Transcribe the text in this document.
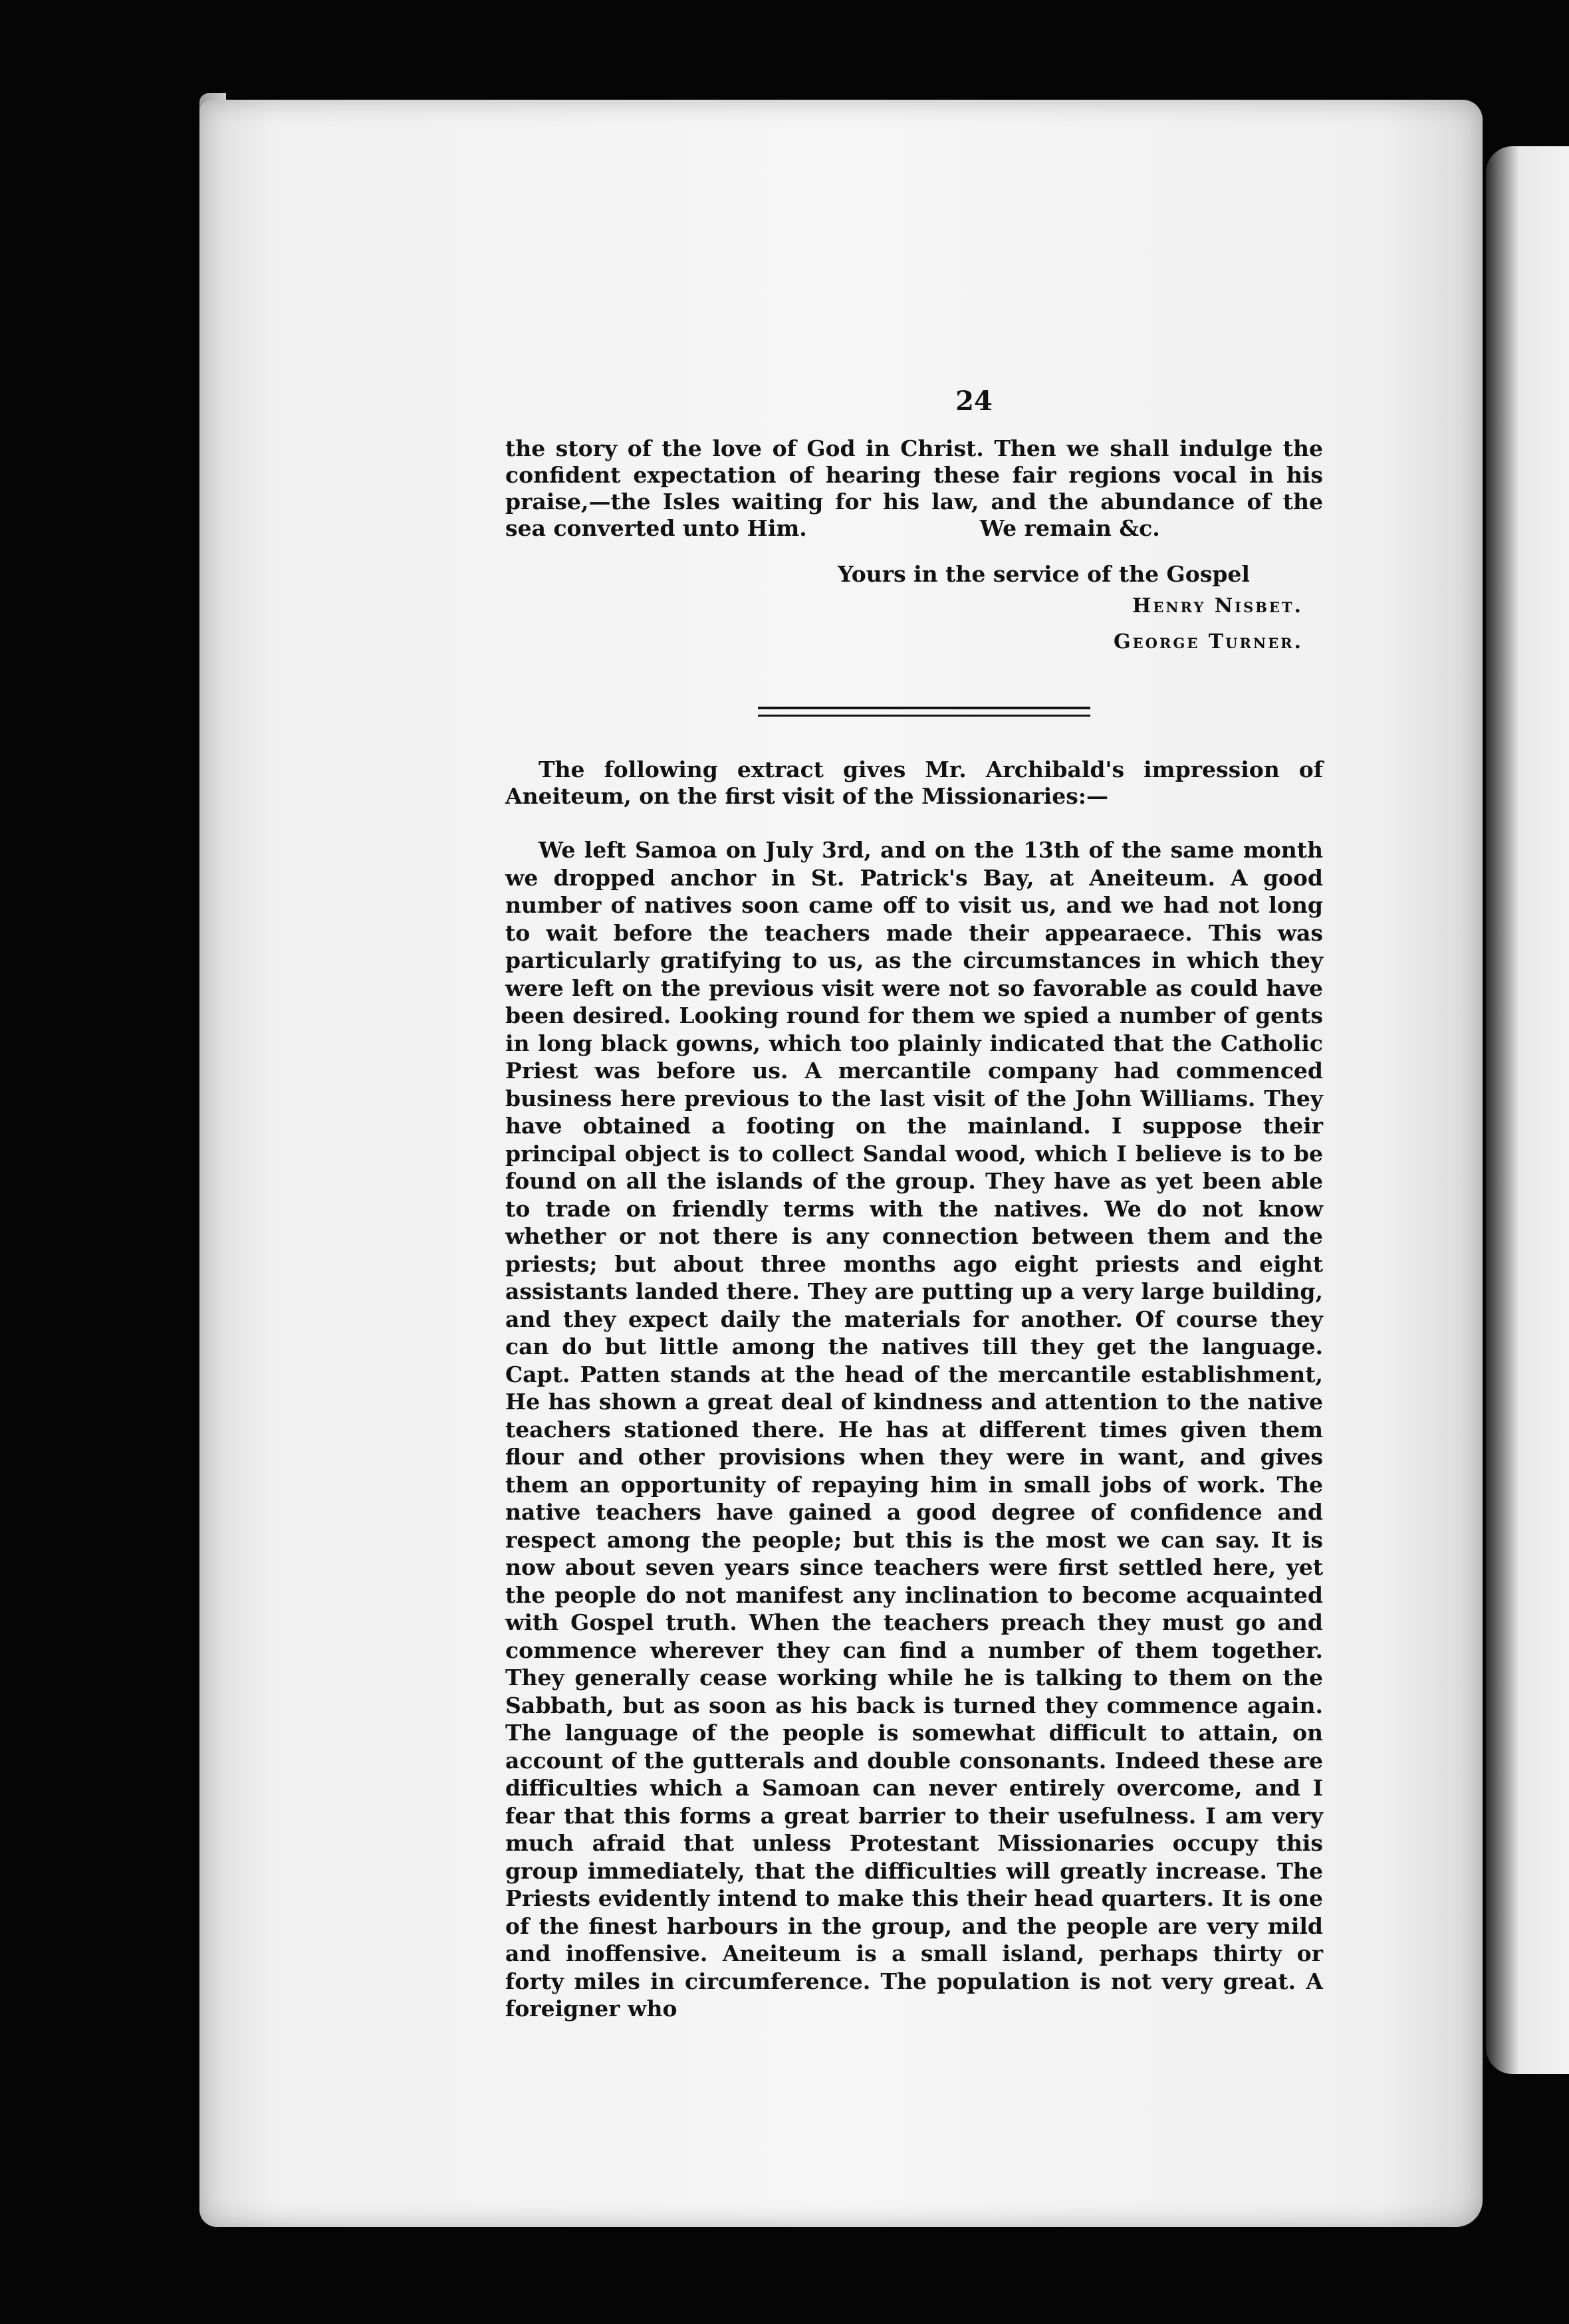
24

the story of the love of God in Christ. Then we shall indulge the confident expectation of hearing these fair regions vocal in his praise,—the Isles waiting for his law, and the abundance of the sea converted unto Him.	We remain &c.

Yours in the service of the Gospel
Henry Nisbet.
George Turner.

The following extract gives Mr. Archibald's impression of Aneiteum, on the first visit of the Missionaries:—

We left Samoa on July 3rd, and on the 13th of the same month we dropped anchor in St. Patrick's Bay, at Aneiteum. A good number of natives soon came off to visit us, and we had not long to wait before the teachers made their appearaece. This was particularly gratifying to us, as the circumstances in which they were left on the previous visit were not so favorable as could have been desired. Looking round for them we spied a number of gents in long black gowns, which too plainly indicated that the Catholic Priest was before us. A mercantile company had commenced business here previous to the last visit of the John Williams. They have obtained a footing on the mainland. I suppose their principal object is to collect Sandal wood, which I believe is to be found on all the islands of the group. They have as yet been able to trade on friendly terms with the natives. We do not know whether or not there is any connection between them and the priests; but about three months ago eight priests and eight assistants landed there. They are putting up a very large building, and they expect daily the materials for another. Of course they can do but little among the natives till they get the language. Capt. Patten stands at the head of the mercantile establishment, He has shown a great deal of kindness and attention to the native teachers stationed there. He has at different times given them flour and other provisions when they were in want, and gives them an opportunity of repaying him in small jobs of work. The native teachers have gained a good degree of confidence and respect among the people; but this is the most we can say. It is now about seven years since teachers were first settled here, yet the people do not manifest any inclination to become acquainted with Gospel truth. When the teachers preach they must go and commence wherever they can find a number of them together. They generally cease working while he is talking to them on the Sabbath, but as soon as his back is turned they commence again. The language of the people is somewhat difficult to attain, on account of the gutterals and double consonants. Indeed these are difficulties which a Samoan can never entirely overcome, and I fear that this forms a great barrier to their usefulness. I am very much afraid that unless Protestant Missionaries occupy this group immediately, that the difficulties will greatly increase. The Priests evidently intend to make this their head quarters. It is one of the finest harbours in the group, and the people are very mild and inoffensive. Aneiteum is a small island, perhaps thirty or forty miles in circumference. The population is not very great. A foreigner who
